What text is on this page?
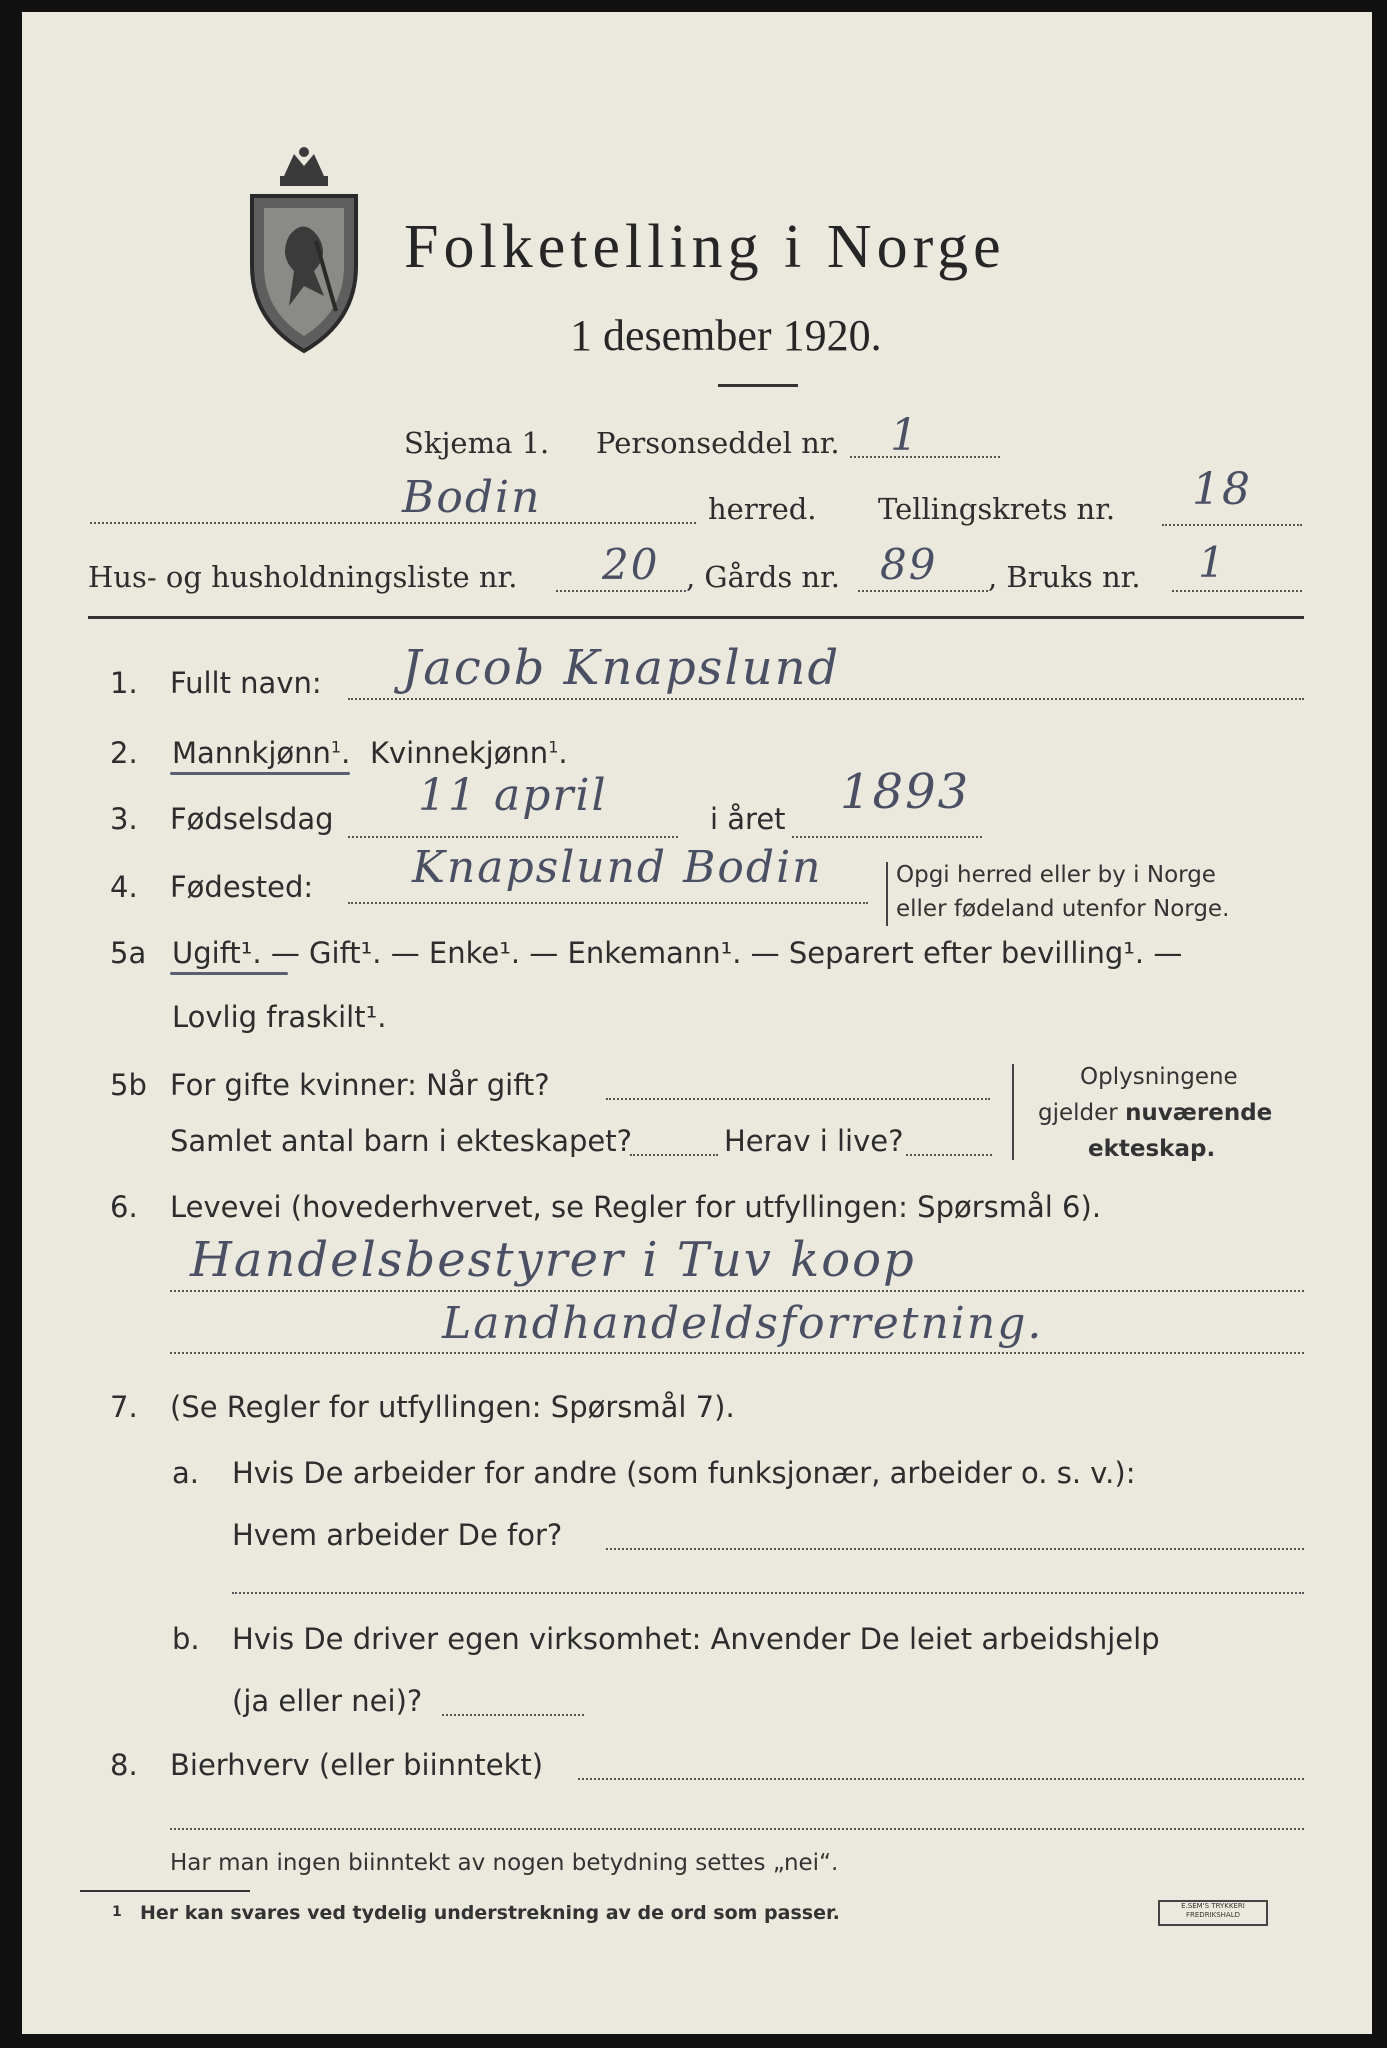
Folketelling i Norge
1 desember 1920.
Skjema 1. Personseddel nr. 1
Bodin	herred. Tellingskrets nr. 18
Hus- og husholdningsliste nr. 20 , Gårds nr. 89 , Bruks nr. 1
1. Fullt navn: Jacob Knapslund
2. Mannkjønn$^1$. Kvinnekjønn$^1$.
3. Fødselsdag 11 april	i året 1893
4. Fødested: Knapslund Bodin	Opgi herred eller by i Norge
eller fødeland utenfor Norge.
5a Ugift¹. — Gift¹. — Enke¹. — Enkemann¹. — Separert efter bevilling¹. —
Lovlig fraskilt¹.
5b For gifte kvinner: Når gift?
Samlet antal barn i ekteskapet?	Herav i live?
Oplysningene
gjelder nuværende
ekteskap.
6. Levevei (hovederhvervet, se Regler for utfyllingen: Spørsmål 6).
Handelsbestyrer i Tuv koop
Landhandeldsforretning.
7. (Se Regler for utfyllingen: Spørsmål 7).
a. Hvis De arbeider for andre (som funksjonær, arbeider o. s. v.):
Hvem arbeider De for?
b. Hvis De driver egen virksomhet: Anvender De leiet arbeidshjelp
(ja eller nei)?
8. Bierhverv (eller biinntekt)
Har man ingen biinntekt av nogen betydning settes „nei“.
1 Her kan svares ved tydelig understrekning av de ord som passer.	E.SEM'S TRYKKERI FREDRIKSHALD
